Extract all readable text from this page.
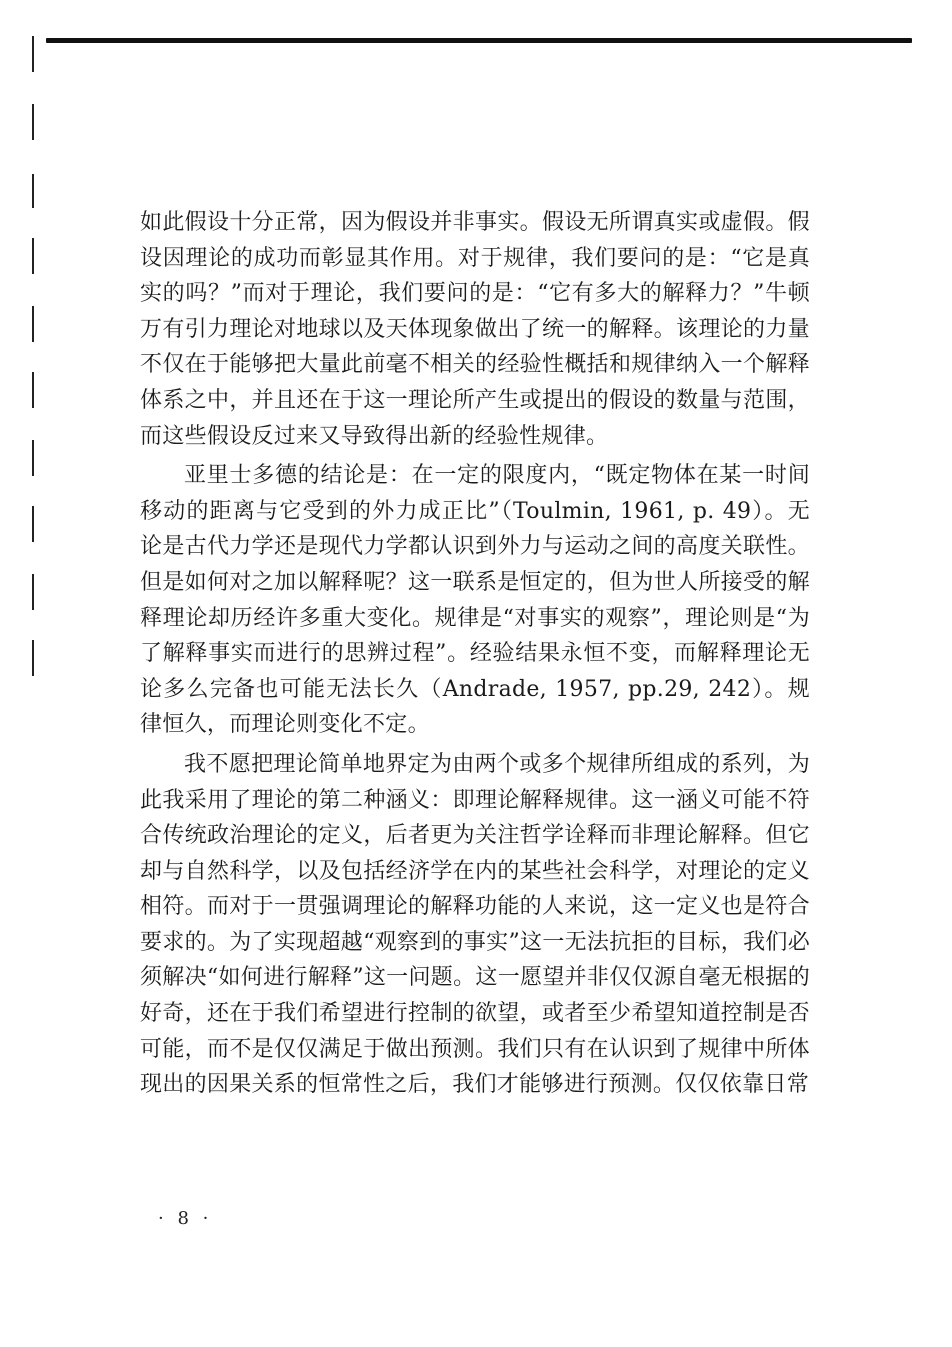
如此假设十分正常，因为假设并非事实。假设无所谓真实或虚假。假设因理论的成功而彰显其作用。对于规律，我们要问的是：“它是真实的吗？”而对于理论，我们要问的是：“它有多大的解释力？”牛顿万有引力理论对地球以及天体现象做出了统一的解释。该理论的力量不仅在于能够把大量此前毫不相关的经验性概括和规律纳入一个解释体系之中，并且还在于这一理论所产生或提出的假设的数量与范围，而这些假设反过来又导致得出新的经验性规律。

亚里士多德的结论是：在一定的限度内，“既定物体在某一时间移动的距离与它受到的外力成正比”（Toulmin, 1961, p. 49）。无论是古代力学还是现代力学都认识到外力与运动之间的高度关联性。但是如何对之加以解释呢？这一联系是恒定的，但为世人所接受的解释理论却历经许多重大变化。规律是“对事实的观察”，理论则是“为了解释事实而进行的思辨过程”。经验结果永恒不变，而解释理论无论多么完备也可能无法长久（Andrade, 1957, pp.29, 242）。规律恒久，而理论则变化不定。

我不愿把理论简单地界定为由两个或多个规律所组成的系列，为此我采用了理论的第二种涵义：即理论解释规律。这一涵义可能不符合传统政治理论的定义，后者更为关注哲学诠释而非理论解释。但它却与自然科学，以及包括经济学在内的某些社会科学，对理论的定义相符。而对于一贯强调理论的解释功能的人来说，这一定义也是符合要求的。为了实现超越“观察到的事实”这一无法抗拒的目标，我们必须解决“如何进行解释”这一问题。这一愿望并非仅仅源自毫无根据的好奇，还在于我们希望进行控制的欲望，或者至少希望知道控制是否可能，而不是仅仅满足于做出预测。我们只有在认识到了规律中所体现出的因果关系的恒常性之后，我们才能够进行预测。仅仅依靠日常

· 8 ·
